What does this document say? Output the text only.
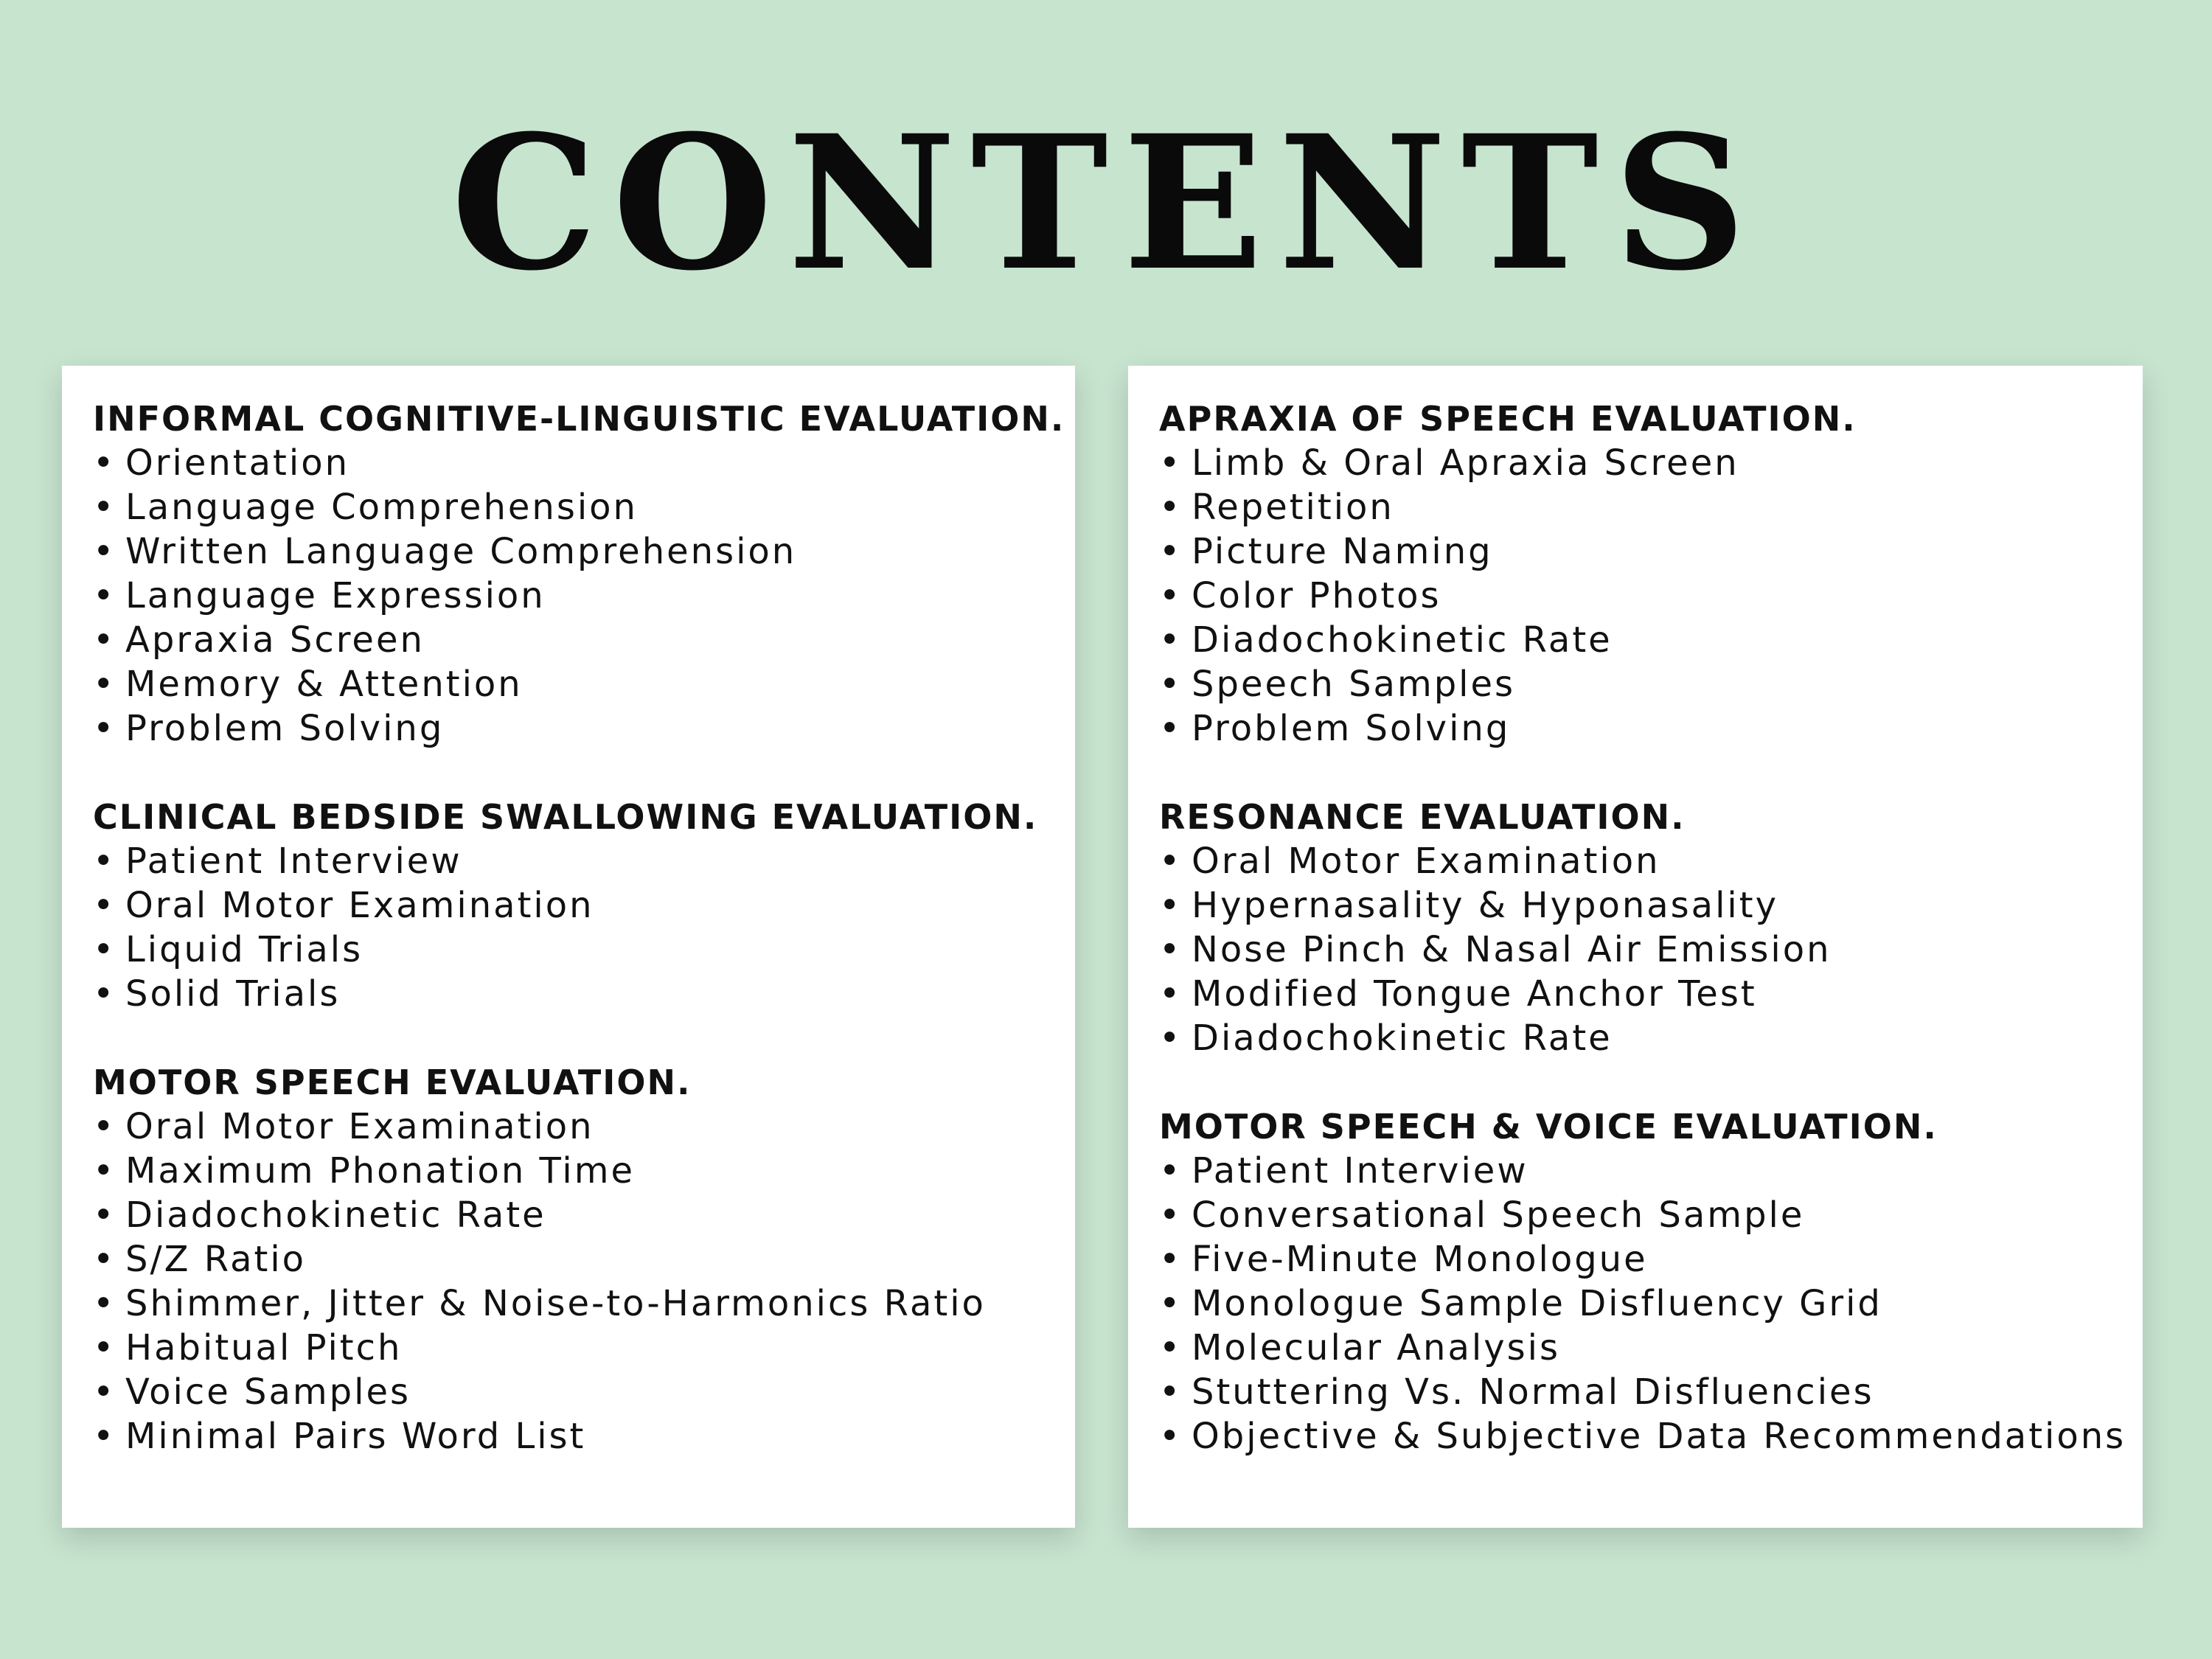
CONTENTS
INFORMAL COGNITIVE-LINGUISTIC EVALUATION.
• Orientation
• Language Comprehension
• Written Language Comprehension
• Language Expression
• Apraxia Screen
• Memory & Attention
• Problem Solving
CLINICAL BEDSIDE SWALLOWING EVALUATION.
• Patient Interview
• Oral Motor Examination
• Liquid Trials
• Solid Trials
MOTOR SPEECH EVALUATION.
• Oral Motor Examination
• Maximum Phonation Time
• Diadochokinetic Rate
• S/Z Ratio
• Shimmer, Jitter & Noise-to-Harmonics Ratio
• Habitual Pitch
• Voice Samples
• Minimal Pairs Word List
APRAXIA OF SPEECH EVALUATION.
• Limb & Oral Apraxia Screen
• Repetition
• Picture Naming
• Color Photos
• Diadochokinetic Rate
• Speech Samples
• Problem Solving
RESONANCE EVALUATION.
• Oral Motor Examination
• Hypernasality & Hyponasality
• Nose Pinch & Nasal Air Emission
• Modified Tongue Anchor Test
• Diadochokinetic Rate
MOTOR SPEECH & VOICE EVALUATION.
• Patient Interview
• Conversational Speech Sample
• Five-Minute Monologue
• Monologue Sample Disfluency Grid
• Molecular Analysis
• Stuttering Vs. Normal Disfluencies
• Objective & Subjective Data Recommendations
